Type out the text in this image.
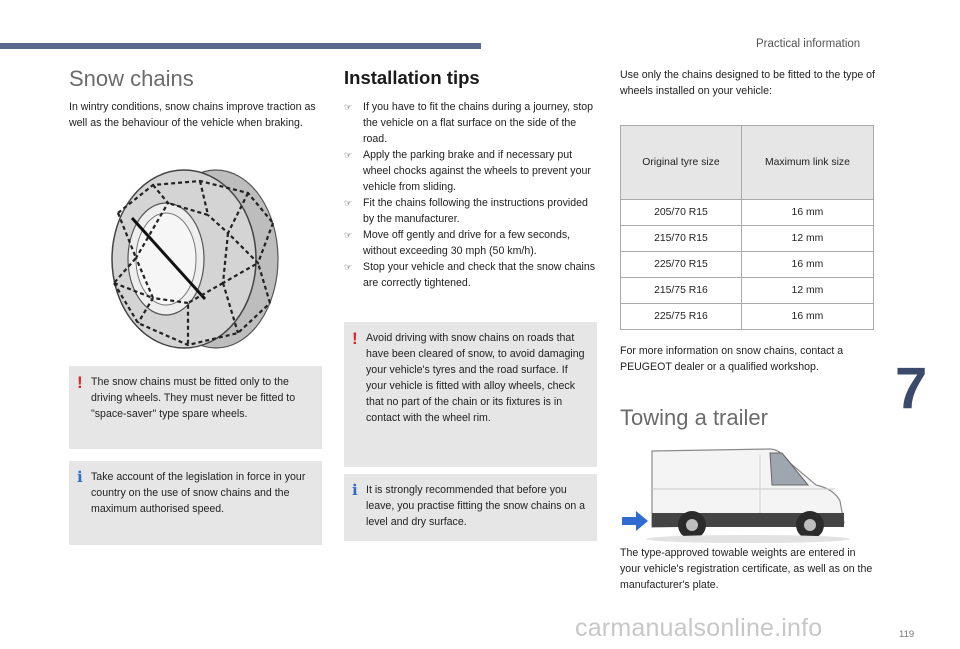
Practical information
7
119
Snow chains

In wintry conditions, snow chains improve traction as well as the behaviour of the vehicle when braking.

! The snow chains must be fitted only to the driving wheels. They must never be fitted to "space-saver" type spare wheels.
ℹ Take account of the legislation in force in your country on the use of snow chains and the maximum authorised speed.
Installation tips
☞ If you have to fit the chains during a journey, stop the vehicle on a flat surface on the side of the road.
☞ Apply the parking brake and if necessary put wheel chocks against the wheels to prevent your vehicle from sliding.
☞ Fit the chains following the instructions provided by the manufacturer.
☞ Move off gently and drive for a few seconds, without exceeding 30 mph (50 km/h).
☞ Stop your vehicle and check that the snow chains are correctly tightened.
! Avoid driving with snow chains on roads that have been cleared of snow, to avoid damaging your vehicle's tyres and the road surface. If your vehicle is fitted with alloy wheels, check that no part of the chain or its fixtures is in contact with the wheel rim.
ℹ It is strongly recommended that before you leave, you practise fitting the snow chains on a level and dry surface.

Use only the chains designed to be fitted to the type of wheels installed on your vehicle:

Original tyre size	Maximum link size
205/70 R15	16 mm
215/70 R15	12 mm
225/70 R15	16 mm
215/75 R16	12 mm
225/75 R16	16 mm

For more information on snow chains, contact a PEUGEOT dealer or a qualified workshop.

Towing a trailer

The type-approved towable weights are entered in your vehicle's registration certificate, as well as on the manufacturer's plate.

carmanualsonline.info
